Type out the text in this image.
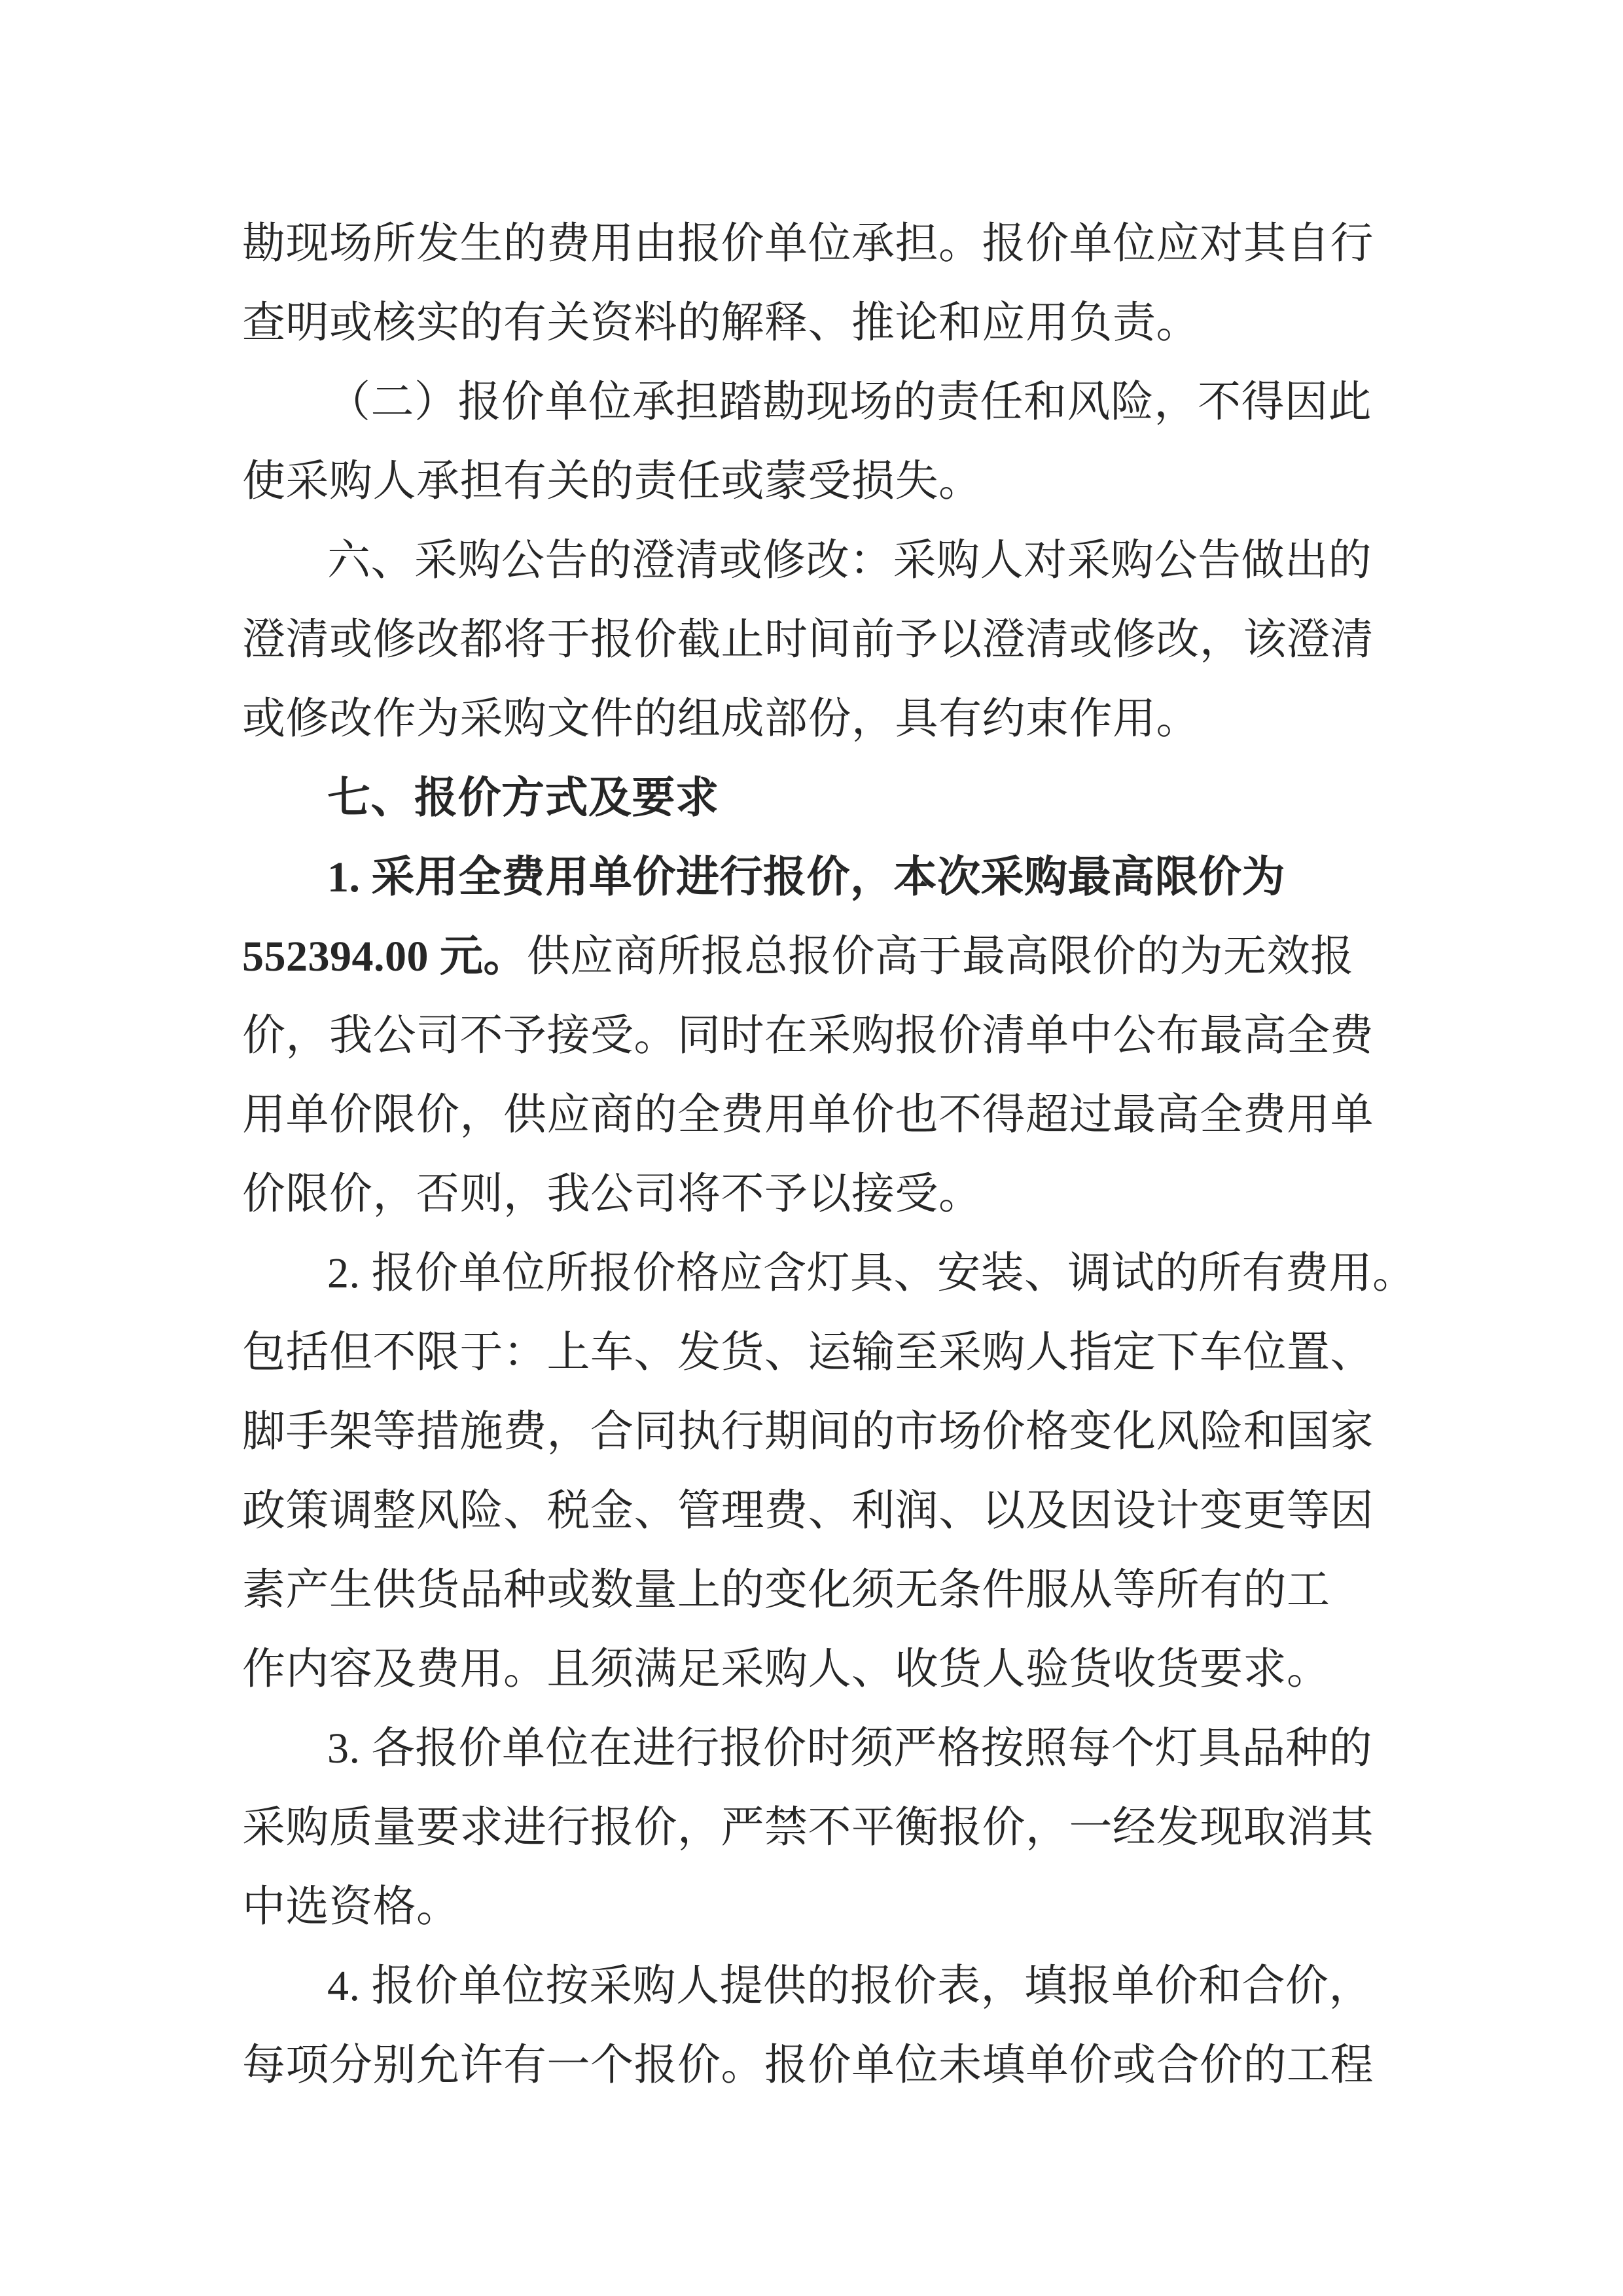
勘现场所发生的费用由报价单位承担。报价单位应对其自行
查明或核实的有关资料的解释、推论和应用负责。
（二）报价单位承担踏勘现场的责任和风险，不得因此
使采购人承担有关的责任或蒙受损失。
六、采购公告的澄清或修改：采购人对采购公告做出的
澄清或修改都将于报价截止时间前予以澄清或修改，该澄清
或修改作为采购文件的组成部份，具有约束作用。
七、报价方式及要求
1. 采用全费用单价进行报价，本次采购最高限价为
552394.00 元。供应商所报总报价高于最高限价的为无效报
价，我公司不予接受。同时在采购报价清单中公布最高全费
用单价限价，供应商的全费用单价也不得超过最高全费用单
价限价，否则，我公司将不予以接受。
2. 报价单位所报价格应含灯具、安装、调试的所有费用。
包括但不限于：上车、发货、运输至采购人指定下车位置、
脚手架等措施费，合同执行期间的市场价格变化风险和国家
政策调整风险、税金、管理费、利润、以及因设计变更等因
素产生供货品种或数量上的变化须无条件服从等所有的工
作内容及费用。且须满足采购人、收货人验货收货要求。
3. 各报价单位在进行报价时须严格按照每个灯具品种的
采购质量要求进行报价，严禁不平衡报价，一经发现取消其
中选资格。
4. 报价单位按采购人提供的报价表，填报单价和合价，
每项分别允许有一个报价。报价单位未填单价或合价的工程
